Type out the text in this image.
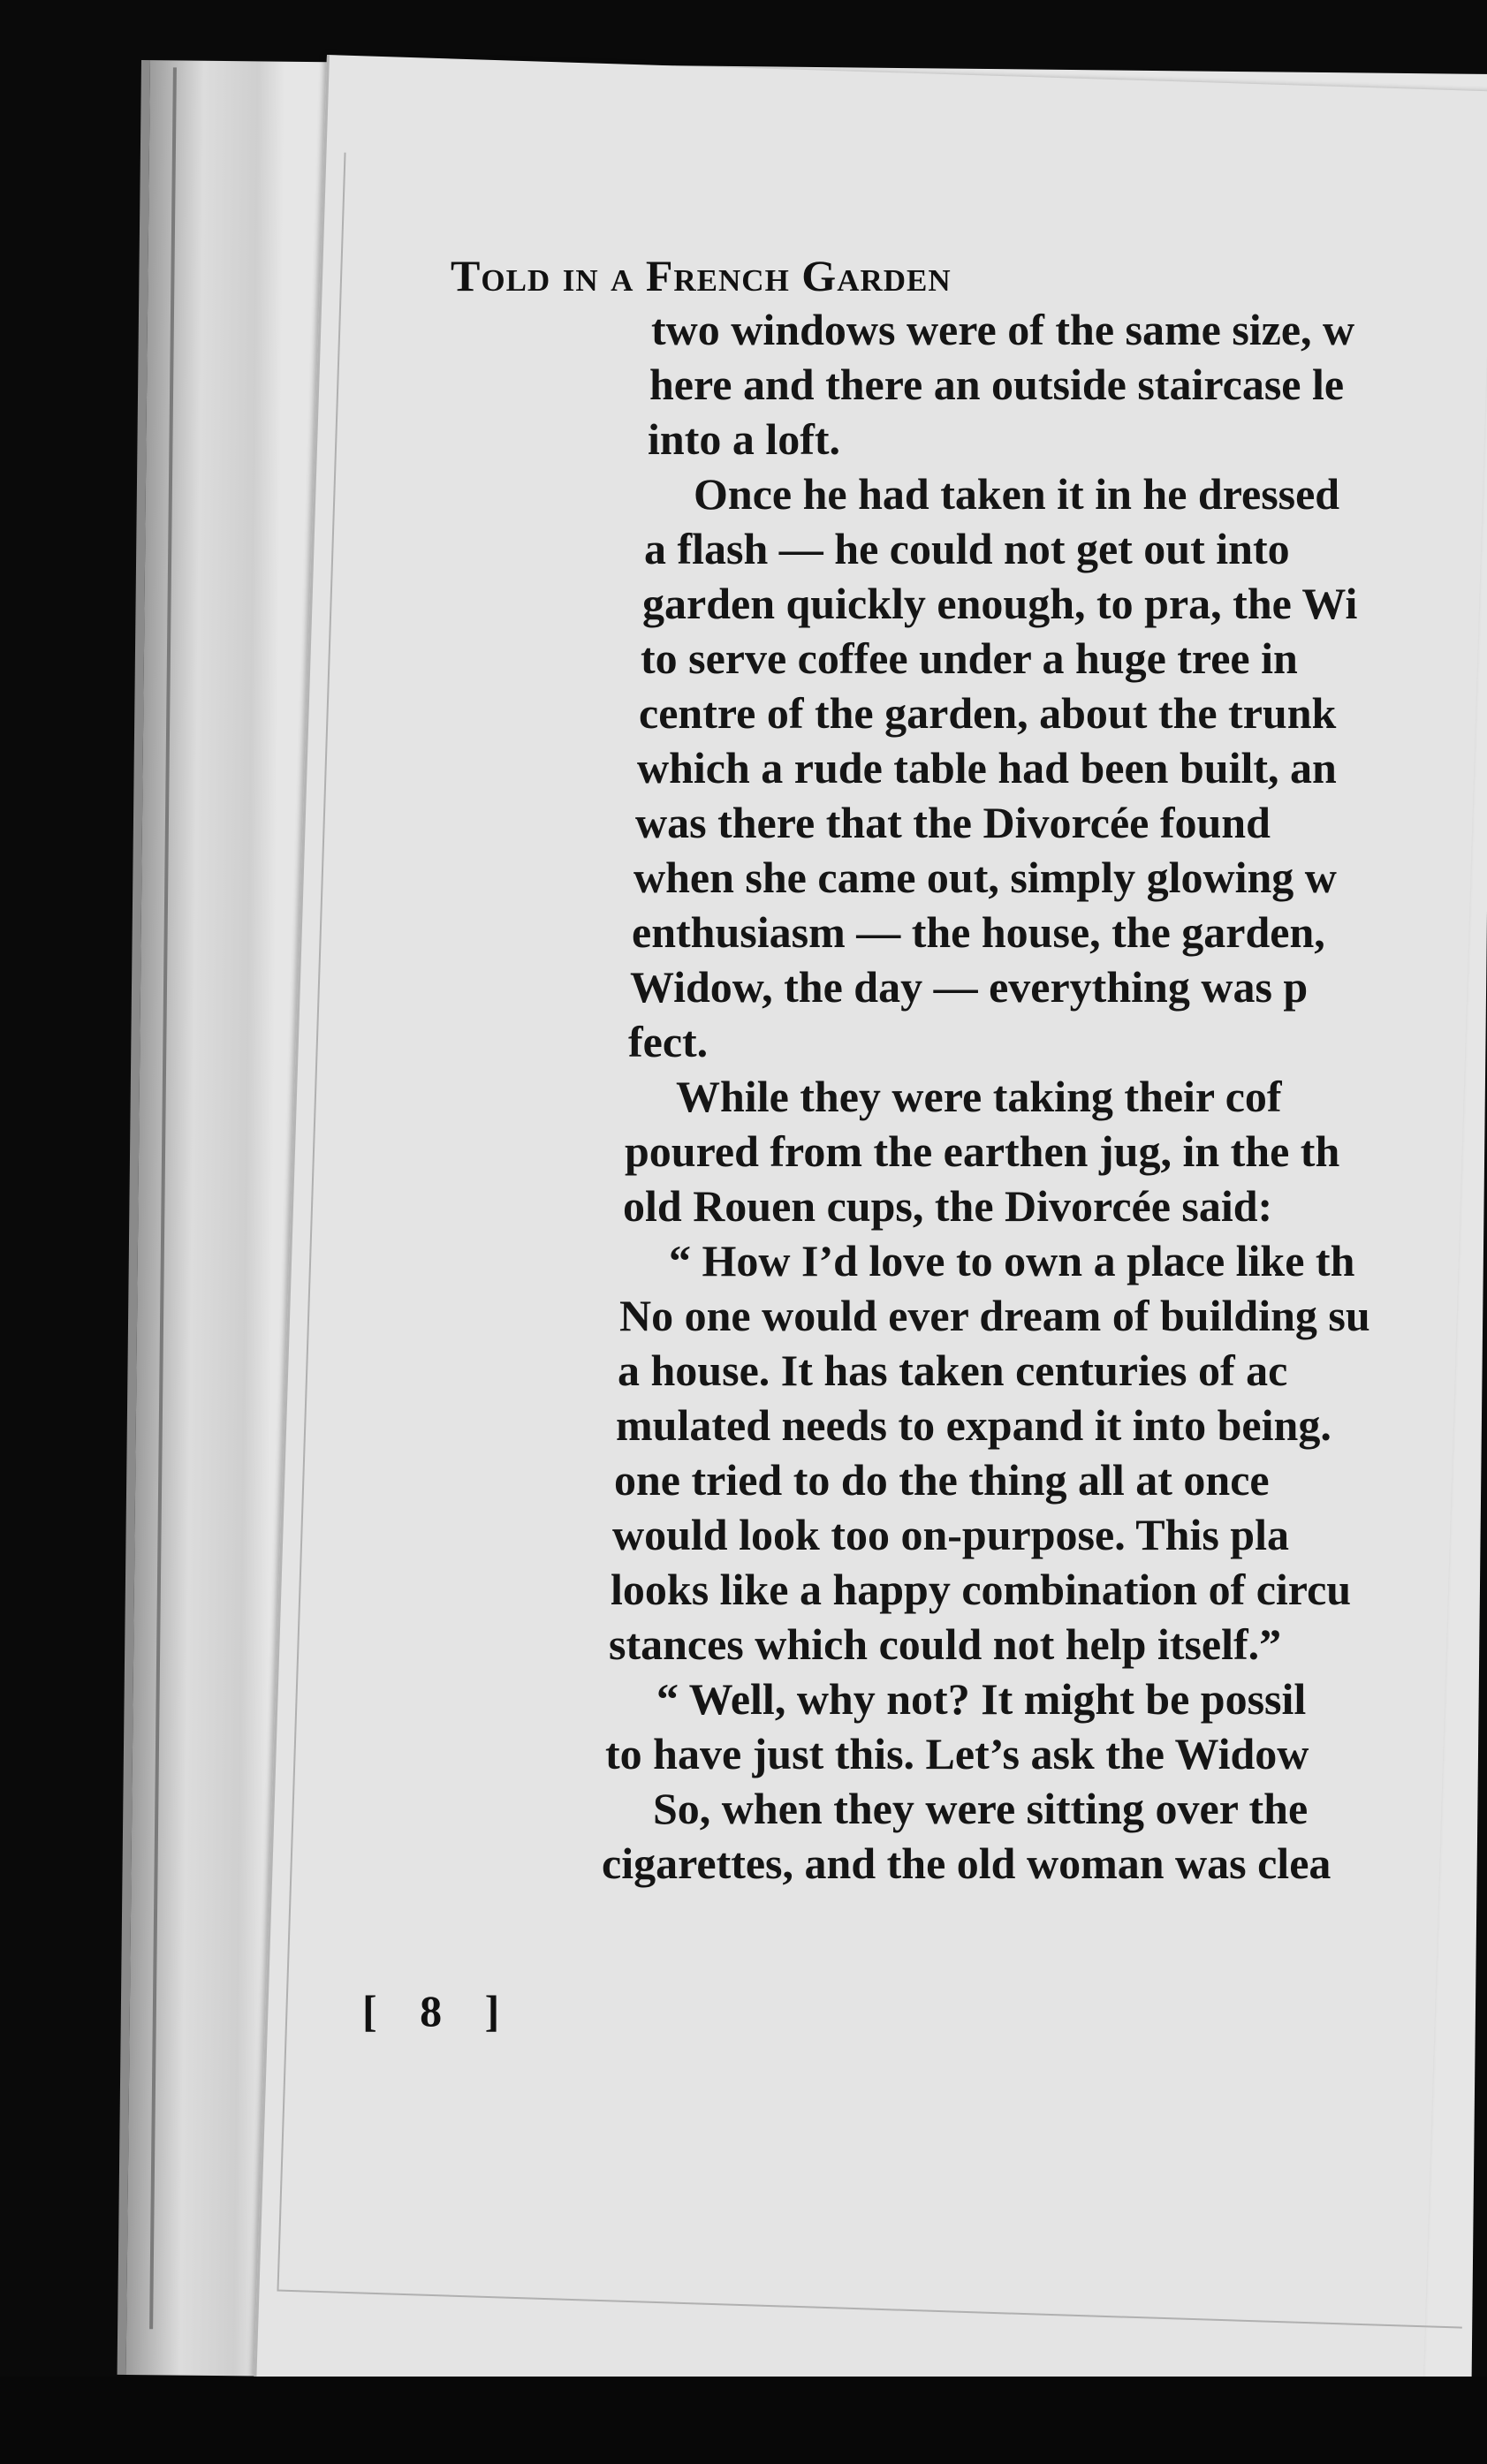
Told in a French Garden

two windows were of the same size, w

here and there an outside staircase le

into a loft.

Once he had taken it in he dressed

a flash — he could not get out into

garden quickly enough, to pra, the Wi

to serve coffee under a huge tree in

centre of the garden, about the trunk

which a rude table had been built, an

was there that the Divorcée found

when she came out, simply glowing w

enthusiasm — the house, the garden,

Widow, the day — everything was p

fect.

While they were taking their cof

poured from the earthen jug, in the th

old Rouen cups, the Divorcée said:

“ How I’d love to own a place like th

No one would ever dream of building su

a house. It has taken centuries of ac

mulated needs to expand it into being.

one tried to do the thing all at once

would look too on-purpose. This pla

looks like a happy combination of circu

stances which could not help itself.”

“ Well, why not? It might be possil

to have just this. Let’s ask the Widow

So, when they were sitting over the

cigarettes, and the old woman was clea

[ 8 ]
